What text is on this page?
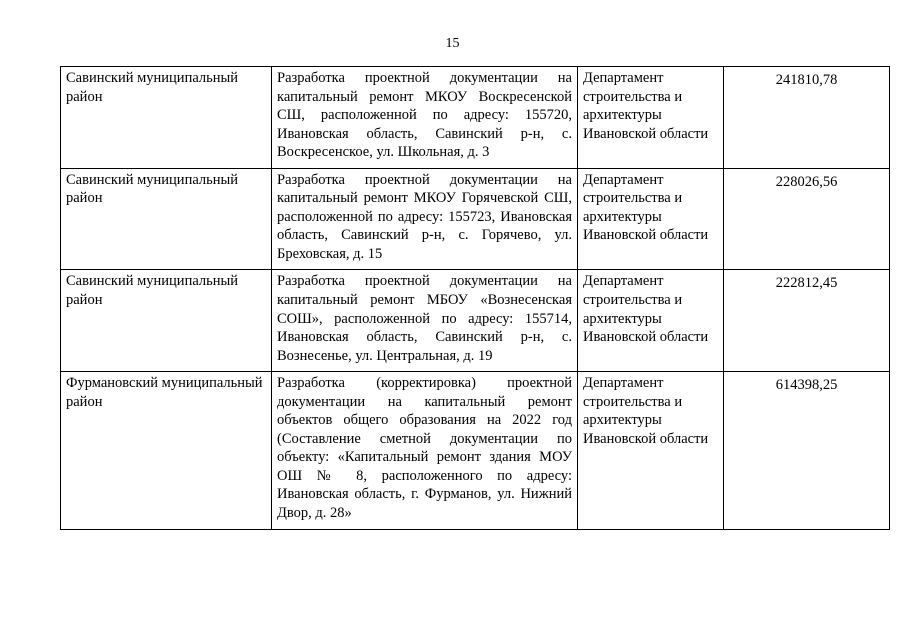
15
Савинский муниципальный район	Разработка проектной документации на капитальный ремонт МКОУ Воскресенской СШ, расположенной по адресу: 155720, Ивановская область, Савинский р-н, с. Воскресенское, ул. Школьная, д. 3	Департамент строительства и архитектуры Ивановской области	241810,78

Савинский муниципальный район	Разработка проектной документации на капитальный ремонт МКОУ Горячевской СШ, расположенной по адресу: 155723, Ивановская область, Савинский р-н, с. Горячево, ул. Бреховская, д. 15	Департамент строительства и архитектуры Ивановской области	228026,56

Савинский муниципальный район	Разработка проектной документации на капитальный ремонт МБОУ «Вознесенская СОШ», расположенной по адресу: 155714, Ивановская область, Савинский р-н, с. Вознесенье, ул. Центральная, д. 19	Департамент строительства и архитектуры Ивановской области	222812,45

Фурмановский муниципальный район	Разработка (корректировка) проектной документации на капитальный ремонт объектов общего образования на 2022 год (Составление сметной документации по объекту: «Капитальный ремонт здания МОУ ОШ № 8, расположенного по адресу: Ивановская область, г. Фурманов, ул. Нижний Двор, д. 28»	Департамент строительства и архитектуры Ивановской области	614398,25
